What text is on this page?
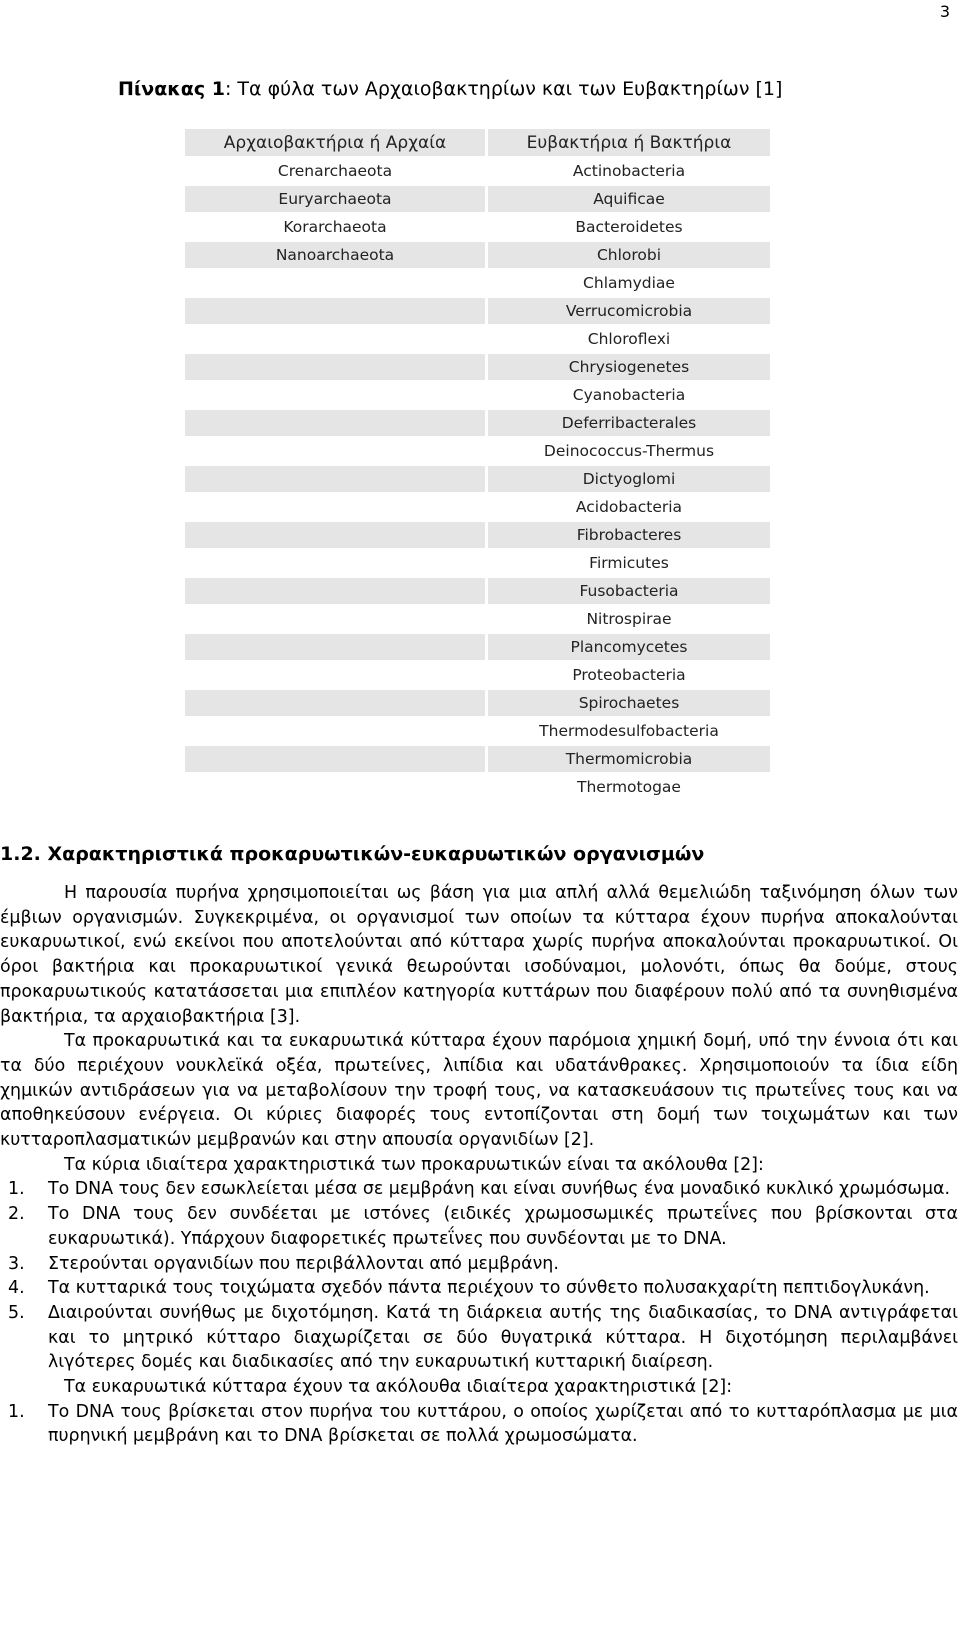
3
Πίνακας 1: Τα φύλα των Αρχαιοβακτηρίων και των Ευβακτηρίων [1]
Αρχαιοβακτήρια ή Αρχαία	Ευβακτήρια ή Βακτήρια
Crenarchaeota	Actinobacteria
Euryarchaeota	Aquificae
Korarchaeota	Bacteroidetes
Nanoarchaeota	Chlorobi
	Chlamydiae
	Verrucomicrobia
	Chloroflexi
	Chrysiogenetes
	Cyanobacteria
	Deferribacterales
	Deinococcus-Thermus
	Dictyoglomi
	Acidobacteria
	Fibrobacteres
	Firmicutes
	Fusobacteria
	Nitrospirae
	Plancomycetes
	Proteobacteria
	Spirochaetes
	Thermodesulfobacteria
	Thermomicrobia
	Thermotogae
1.2. Χαρακτηριστικά προκαρυωτικών-ευκαρυωτικών οργανισμών

Η παρουσία πυρήνα χρησιμοποιείται ως βάση για μια απλή αλλά θεμελιώδη ταξινόμηση όλων των έμβιων οργανισμών. Συγκεκριμένα, οι οργανισμοί των οποίων τα κύτταρα έχουν πυρήνα αποκαλούνται ευκαρυωτικοί, ενώ εκείνοι που αποτελούνται από κύτταρα χωρίς πυρήνα αποκαλούνται προκαρυωτικοί. Οι όροι βακτήρια και προκαρυωτικοί γενικά θεωρούνται ισοδύναμοι, μολονότι, όπως θα δούμε, στους προκαρυωτικούς κατατάσσεται μια επιπλέον κατηγορία κυττάρων που διαφέρουν πολύ από τα συνηθισμένα βακτήρια, τα αρχαιοβακτήρια [3].

Τα προκαρυωτικά και τα ευκαρυωτικά κύτταρα έχουν παρόμοια χημική δομή, υπό την έννοια ότι και τα δύο περιέχουν νουκλεϊκά οξέα, πρωτείνες, λιπίδια και υδατάνθρακες. Χρησιμοποιούν τα ίδια είδη χημικών αντιδράσεων για να μεταβολίσουν την τροφή τους, να κατασκευάσουν τις πρωτεΐνες τους και να αποθηκεύσουν ενέργεια. Οι κύριες διαφορές τους εντοπίζονται στη δομή των τοιχωμάτων και των κυτταροπλασματικών μεμβρανών και στην απουσία οργανιδίων [2].

Τα κύρια ιδιαίτερα χαρακτηριστικά των προκαρυωτικών είναι τα ακόλουθα [2]:

1. Το DNA τους δεν εσωκλείεται μέσα σε μεμβράνη και είναι συνήθως ένα μοναδικό κυκλικό χρωμόσωμα.
2. Το DNA τους δεν συνδέεται με ιστόνες (ειδικές χρωμοσωμικές πρωτεΐνες που βρίσκονται στα ευκαρυωτικά). Υπάρχουν διαφορετικές πρωτεΐνες που συνδέονται με το DNA.
3. Στερούνται οργανιδίων που περιβάλλονται από μεμβράνη.
4. Τα κυτταρικά τους τοιχώματα σχεδόν πάντα περιέχουν το σύνθετο πολυσακχαρίτη πεπτιδογλυκάνη.
5. Διαιρούνται συνήθως με διχοτόμηση. Κατά τη διάρκεια αυτής της διαδικασίας, το DNA αντιγράφεται και το μητρικό κύτταρο διαχωρίζεται σε δύο θυγατρικά κύτταρα. Η διχοτόμηση περιλαμβάνει λιγότερες δομές και διαδικασίες από την ευκαρυωτική κυτταρική διαίρεση.

Τα ευκαρυωτικά κύτταρα έχουν τα ακόλουθα ιδιαίτερα χαρακτηριστικά [2]:

1. Το DNA τους βρίσκεται στον πυρήνα του κυττάρου, ο οποίος χωρίζεται από το κυτταρόπλασμα με μια πυρηνική μεμβράνη και το DNA βρίσκεται σε πολλά χρωμοσώματα.
